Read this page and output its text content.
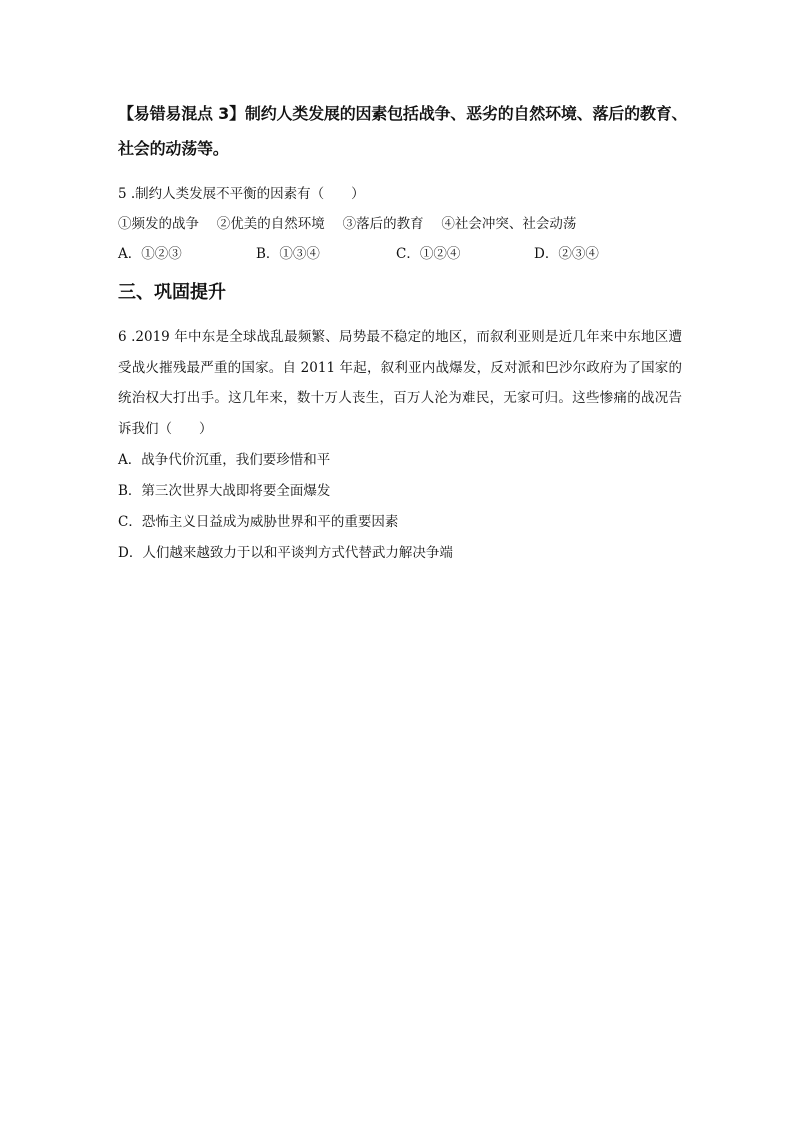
【易错易混点 3】制约人类发展的因素包括战争、恶劣的自然环境、落后的教育、社会的动荡等。
5 .制约人类发展不平衡的因素有（　　）
①频发的战争　 ②优美的自然环境　 ③落后的教育　 ④社会冲突、社会动荡
A．①②③	B．①③④	C．①②④	D．②③④
三、巩固提升
6 .2019 年中东是全球战乱最频繁、局势最不稳定的地区，而叙利亚则是近几年来中东地区遭受战火摧残最严重的国家。自 2011 年起，叙利亚内战爆发，反对派和巴沙尔政府为了国家的统治权大打出手。这几年来，数十万人丧生，百万人沦为难民，无家可归。这些惨痛的战况告诉我们（　　）
A．战争代价沉重，我们要珍惜和平
B．第三次世界大战即将要全面爆发
C．恐怖主义日益成为威胁世界和平的重要因素
D．人们越来越致力于以和平谈判方式代替武力解决争端
